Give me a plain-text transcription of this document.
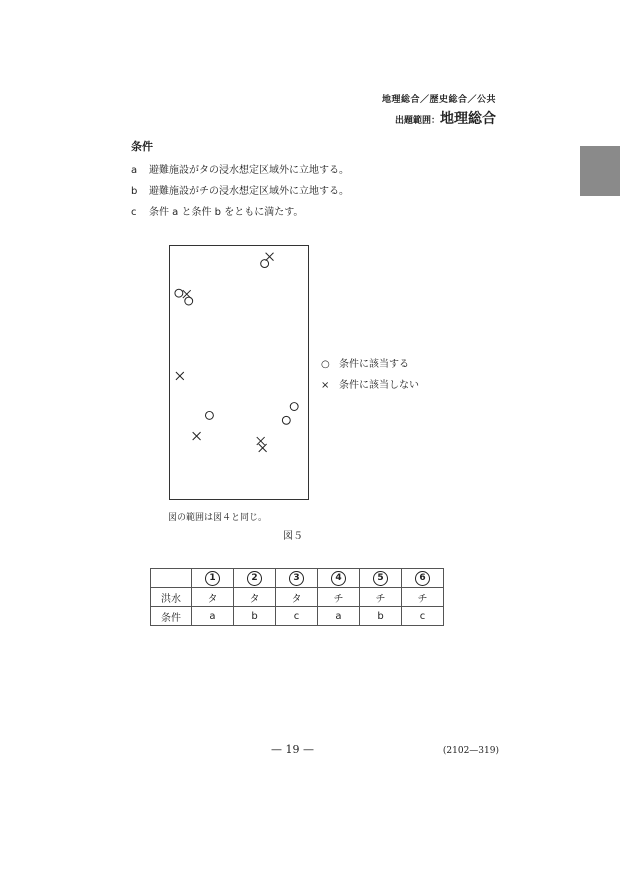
地理総合／歴史総合／公共
出題範囲：地理総合
条件
a 避難施設がタの浸水想定区域外に立地する。
b 避難施設がチの浸水想定区域外に立地する。
c 条件 a と条件 b をともに満たす。
○ 条件に該当する
× 条件に該当しない
図の範囲は図４と同じ。
図５
	1	2	3	4	5	6
洪水	タ	タ	タ	チ	チ	チ
条件	a	b	c	a	b	c
— 19 —	(2102—319)
